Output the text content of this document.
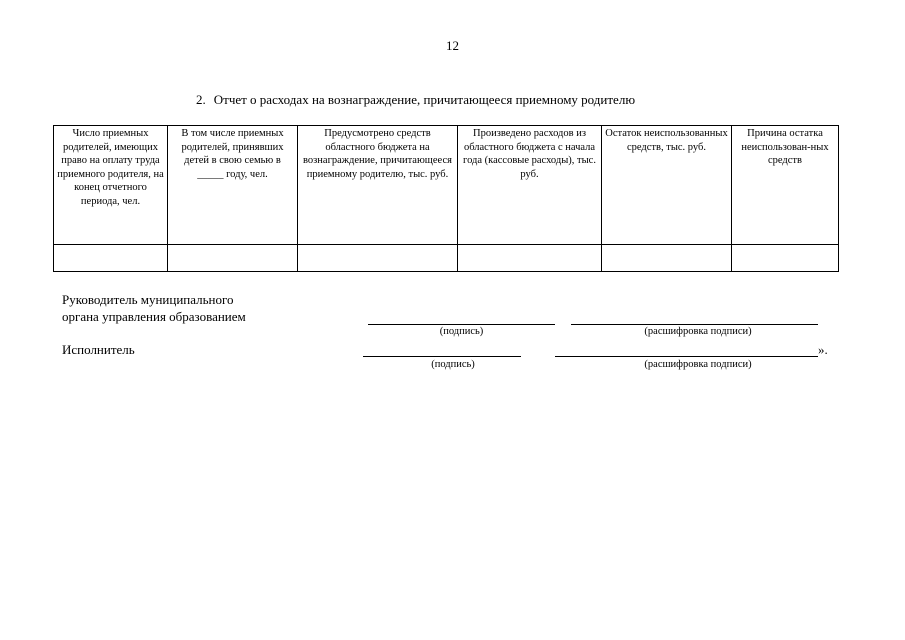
12
2. Отчет о расходах на вознаграждение, причитающееся приемному родителю
Число приемных родителей, имеющих право на оплату труда приемного родителя, на конец отчетного периода, чел.	В том числе приемных родителей, принявших детей в свою семью в _____ году, чел.	Предусмотрено средств областного бюджета на вознаграждение, причитающееся приемному родителю, тыс. руб.	Произведено расходов из областного бюджета с начала года (кассовые расходы), тыс. руб.	Остаток неиспользованных средств, тыс. руб.	Причина остатка неиспользован-ных средств

Руководитель муниципального
органа управления образованием
(подпись)	(расшифровка подписи)
Исполнитель	».
(подпись)	(расшифровка подписи)
